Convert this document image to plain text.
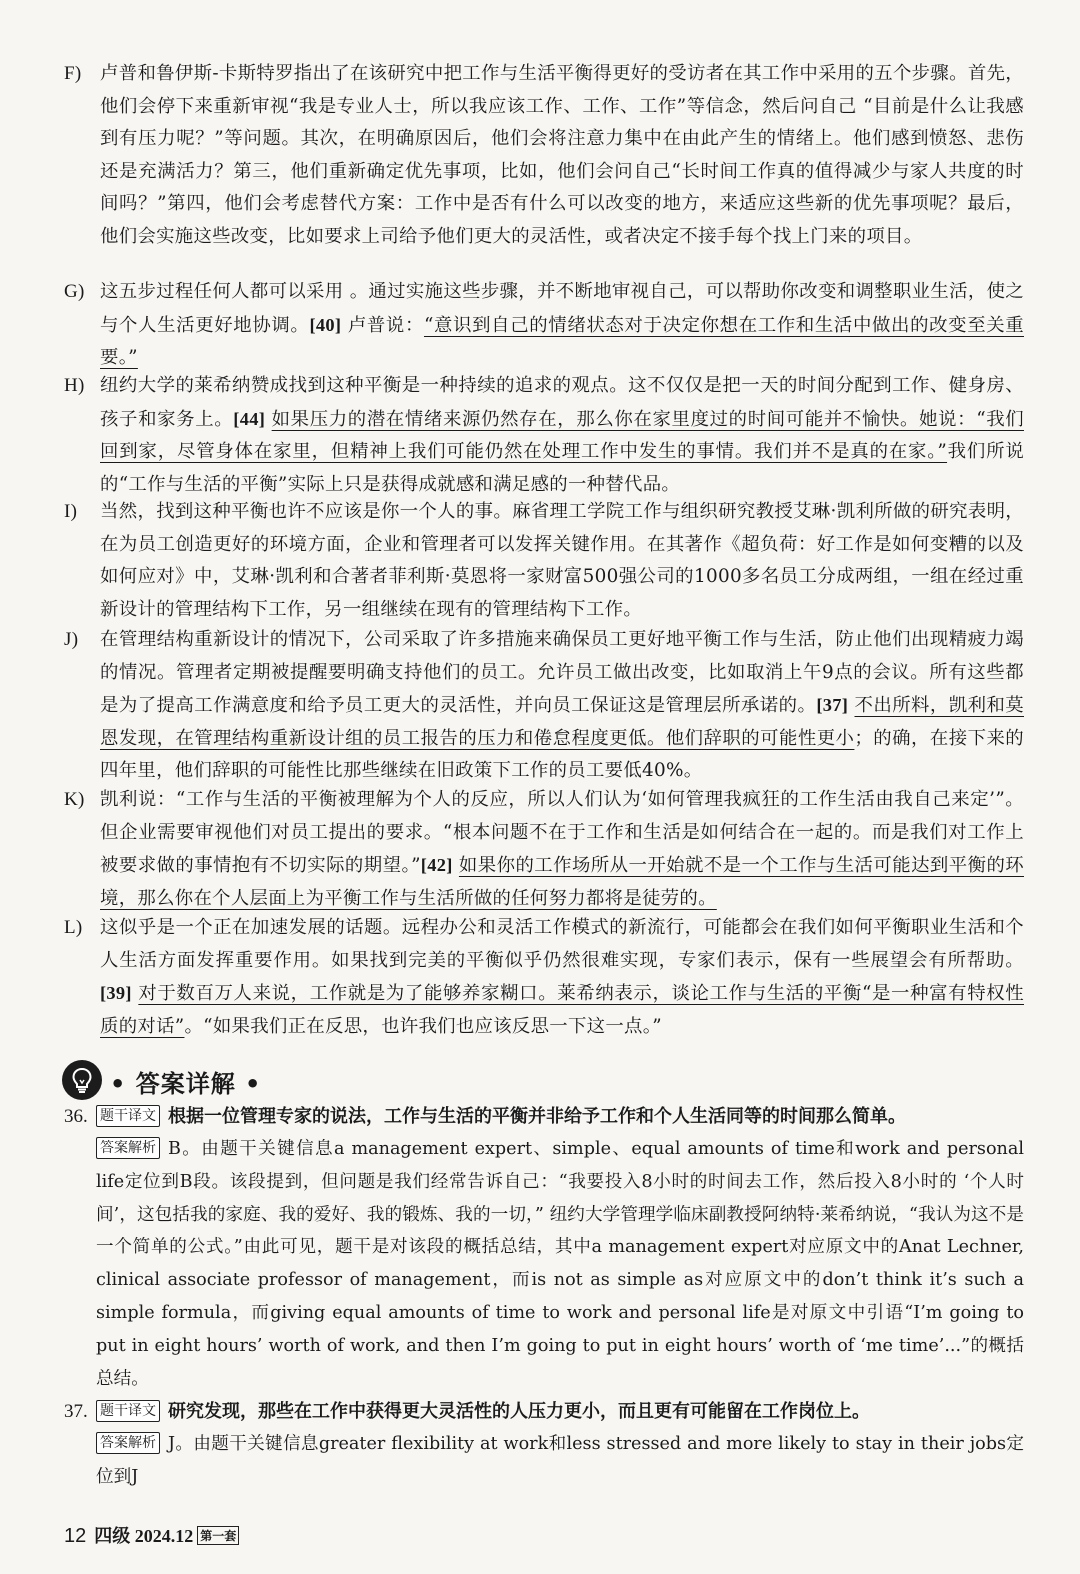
F) 卢普和鲁伊斯-卡斯特罗指出了在该研究中把工作与生活平衡得更好的受访者在其工作中采用的五个步骤。首先，他们会停下来重新审视“我是专业人士，所以我应该工作、工作、工作”等信念，然后问自己 “目前是什么让我感到有压力呢？”等问题。其次，在明确原因后，他们会将注意力集中在由此产生的情绪上。他们感到愤怒、悲伤还是充满活力？第三，他们重新确定优先事项，比如，他们会问自己“长时间工作真的值得减少与家人共度的时间吗？”第四，他们会考虑替代方案：工作中是否有什么可以改变的地方，来适应这些新的优先事项呢？最后，他们会实施这些改变，比如要求上司给予他们更大的灵活性，或者决定不接手每个找上门来的项目。
G) 这五步过程任何人都可以采用 。通过实施这些步骤，并不断地审视自己，可以帮助你改变和调整职业生活，使之与个人生活更好地协调。[40] 卢普说：“意识到自己的情绪状态对于决定你想在工作和生活中做出的改变至关重要。”
H) 纽约大学的莱希纳赞成找到这种平衡是一种持续的追求的观点。这不仅仅是把一天的时间分配到工作、健身房、孩子和家务上。[44] 如果压力的潜在情绪来源仍然存在，那么你在家里度过的时间可能并不愉快。她说：“我们回到家，尽管身体在家里，但精神上我们可能仍然在处理工作中发生的事情。我们并不是真的在家。”我们所说的“工作与生活的平衡”实际上只是获得成就感和满足感的一种替代品。
I) 当然，找到这种平衡也许不应该是你一个人的事。麻省理工学院工作与组织研究教授艾琳·凯利所做的研究表明，在为员工创造更好的环境方面，企业和管理者可以发挥关键作用。在其著作《超负荷：好工作是如何变糟的以及如何应对》中，艾琳·凯利和合著者菲利斯·莫恩将一家财富500强公司的1000多名员工分成两组，一组在经过重新设计的管理结构下工作，另一组继续在现有的管理结构下工作。
J) 在管理结构重新设计的情况下，公司采取了许多措施来确保员工更好地平衡工作与生活，防止他们出现精疲力竭的情况。管理者定期被提醒要明确支持他们的员工。允许员工做出改变，比如取消上午9点的会议。所有这些都是为了提高工作满意度和给予员工更大的灵活性，并向员工保证这是管理层所承诺的。[37] 不出所料，凯利和莫恩发现，在管理结构重新设计组的员工报告的压力和倦怠程度更低。他们辞职的可能性更小；的确，在接下来的四年里，他们辞职的可能性比那些继续在旧政策下工作的员工要低40%。
K) 凯利说：“工作与生活的平衡被理解为个人的反应，所以人们认为‘如何管理我疯狂的工作生活由我自己来定’”。但企业需要审视他们对员工提出的要求。“根本问题不在于工作和生活是如何结合在一起的。而是我们对工作上被要求做的事情抱有不切实际的期望。”[42] 如果你的工作场所从一开始就不是一个工作与生活可能达到平衡的环境，那么你在个人层面上为平衡工作与生活所做的任何努力都将是徒劳的。
L) 这似乎是一个正在加速发展的话题。远程办公和灵活工作模式的新流行，可能都会在我们如何平衡职业生活和个人生活方面发挥重要作用。如果找到完美的平衡似乎仍然很难实现，专家们表示，保有一些展望会有所帮助。[39] 对于数百万人来说，工作就是为了能够养家糊口。莱希纳表示，谈论工作与生活的平衡“是一种富有特权性质的对话”。“如果我们正在反思，也许我们也应该反思一下这一点。”
• 答案详解 •
36. 题干译文 根据一位管理专家的说法，工作与生活的平衡并非给予工作和个人生活同等的时间那么简单。
答案解析 B。由题干关键信息a management expert、simple、equal amounts of time和work and personal life定位到B段。该段提到，但问题是我们经常告诉自己：“我要投入8小时的时间去工作，然后投入8小时的 ‘个人时间’，这包括我的家庭、我的爱好、我的锻炼、我的一切，” 纽约大学管理学临床副教授阿纳特·莱希纳说，“我认为这不是一个简单的公式。”由此可见，题干是对该段的概括总结，其中a management expert对应原文中的Anat Lechner, clinical associate professor of management，而is not as simple as对应原文中的don’t think it’s such a simple formula，而giving equal amounts of time to work and personal life是对原文中引语“I’m going to put in eight hours’ worth of work, and then I’m going to put in eight hours’ worth of ‘me time’...”的概括总结。
37. 题干译文 研究发现，那些在工作中获得更大灵活性的人压力更小，而且更有可能留在工作岗位上。
答案解析 J。由题干关键信息greater flexibility at work和less stressed and more likely to stay in their jobs定位到J
12 四级 2024.12 第一套
